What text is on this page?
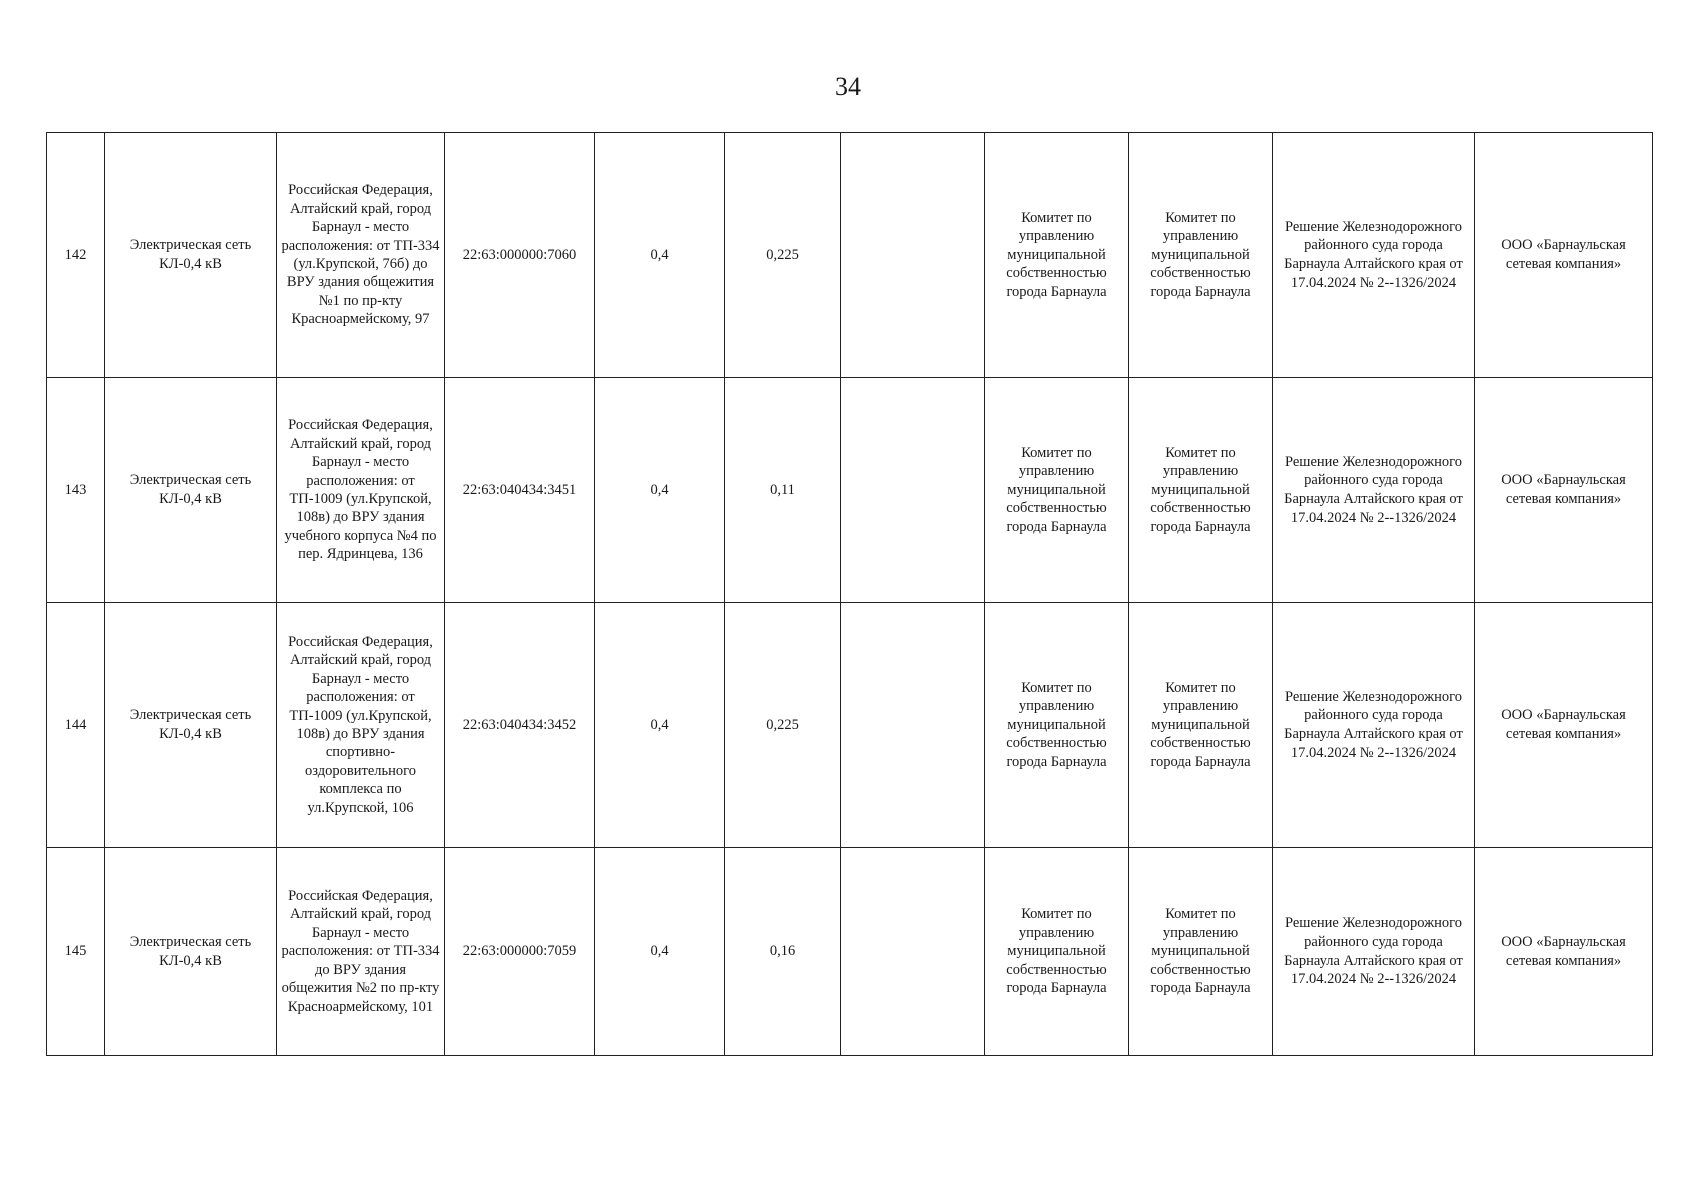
34
142	Электрическая сеть КЛ-0,4 кВ	Российская Федерация, Алтайский край, город Барнаул - место расположения: от ТП-334 (ул.Крупской, 76б) до ВРУ здания общежития №1 по пр-кту Красноармейскому, 97	22:63:000000:7060	0,4	0,225		Комитет по управлению муниципальной собственностью города Барнаула	Комитет по управлению муниципальной собственностью города Барнаула	Решение Железнодорожного районного суда города Барнаула Алтайского края от 17.04.2024 № 2--1326/2024	ООО «Барнаульская сетевая компания»
143	Электрическая сеть КЛ-0,4 кВ	Российская Федерация, Алтайский край, город Барнаул - место расположения: от ТП-1009 (ул.Крупской, 108в) до ВРУ здания учебного корпуса №4 по пер. Ядринцева, 136	22:63:040434:3451	0,4	0,11		Комитет по управлению муниципальной собственностью города Барнаула	Комитет по управлению муниципальной собственностью города Барнаула	Решение Железнодорожного районного суда города Барнаула Алтайского края от 17.04.2024 № 2--1326/2024	ООО «Барнаульская сетевая компания»
144	Электрическая сеть КЛ-0,4 кВ	Российская Федерация, Алтайский край, город Барнаул - место расположения: от ТП-1009 (ул.Крупской, 108в) до ВРУ здания спортивно-оздоровительного комплекса по ул.Крупской, 106	22:63:040434:3452	0,4	0,225		Комитет по управлению муниципальной собственностью города Барнаула	Комитет по управлению муниципальной собственностью города Барнаула	Решение Железнодорожного районного суда города Барнаула Алтайского края от 17.04.2024 № 2--1326/2024	ООО «Барнаульская сетевая компания»
145	Электрическая сеть КЛ-0,4 кВ	Российская Федерация, Алтайский край, город Барнаул - место расположения: от ТП-334 до ВРУ здания общежития №2 по пр-кту Красноармейскому, 101	22:63:000000:7059	0,4	0,16		Комитет по управлению муниципальной собственностью города Барнаула	Комитет по управлению муниципальной собственностью города Барнаула	Решение Железнодорожного районного суда города Барнаула Алтайского края от 17.04.2024 № 2--1326/2024	ООО «Барнаульская сетевая компания»
